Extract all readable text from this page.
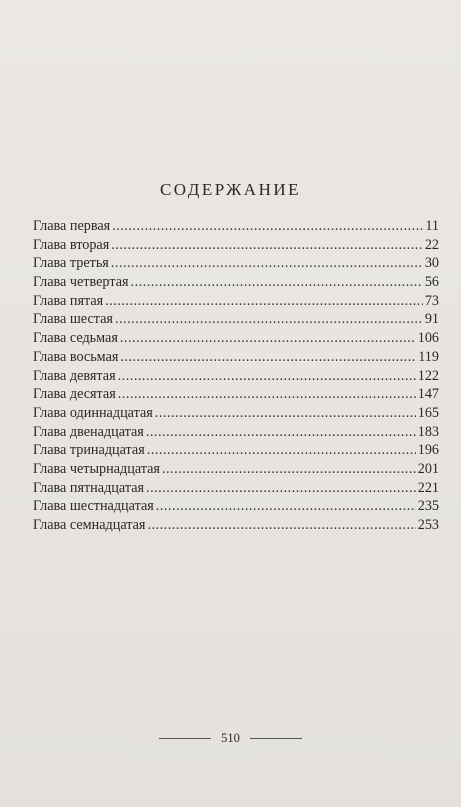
СОДЕРЖАНИЕ
Глава первая .....	11
Глава вторая .....	22
Глава третья .....	30
Глава четвертая .....	56
Глава пятая .....	73
Глава шестая .....	91
Глава седьмая .....	106
Глава восьмая .....	119
Глава девятая .....	122
Глава десятая .....	147
Глава одиннадцатая .....	165
Глава двенадцатая .....	183
Глава тринадцатая .....	196
Глава четырнадцатая .....	201
Глава пятнадцатая .....	221
Глава шестнадцатая .....	235
Глава семнадцатая .....	253
510
